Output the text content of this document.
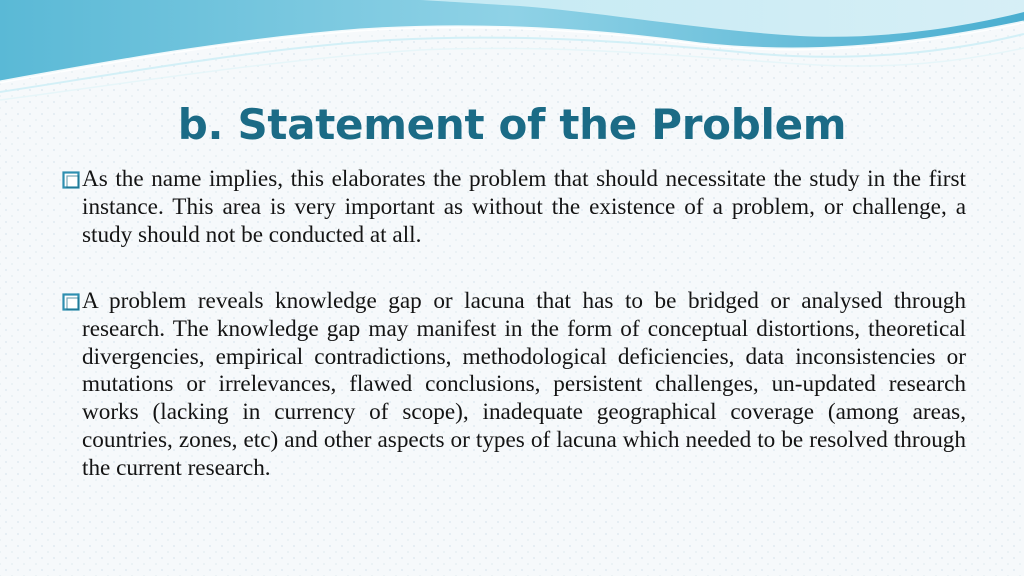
b. Statement of the Problem

As the name implies, this elaborates the problem that should necessitate the study in the first instance. This area is very important as without the existence of a problem, or challenge, a study should not be conducted at all.

A problem reveals knowledge gap or lacuna that has to be bridged or analysed through research. The knowledge gap may manifest in the form of conceptual distortions, theoretical divergencies, empirical contradictions, methodological deficiencies, data inconsistencies or mutations or irrelevances, flawed conclusions, persistent challenges, un-updated research works (lacking in currency of scope), inadequate geographical coverage (among areas, countries, zones, etc) and other aspects or types of lacuna which needed to be resolved through the current research.
